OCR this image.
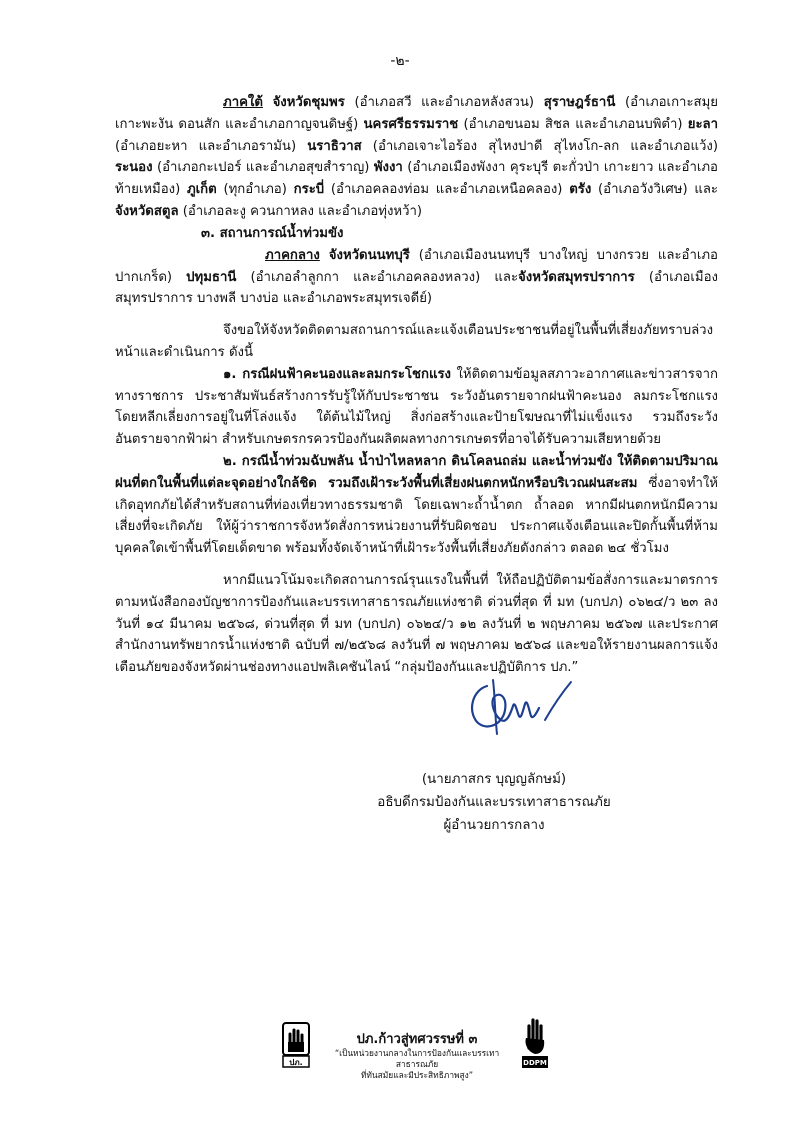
-๒-

ภาคใต้ จังหวัดชุมพร (อำเภอสวี และอำเภอหลังสวน) สุราษฎร์ธานี (อำเภอเกาะสมุย เกาะพะงัน ดอนสัก และอำเภอกาญจนดิษฐ์) นครศรีธรรมราช (อำเภอขนอม สิชล และอำเภอนบพิตำ) ยะลา (อำเภอยะหา และอำเภอรามัน) นราธิวาส (อำเภอเจาะไอร้อง สุไหงปาดี สุไหงโก-ลก และอำเภอแว้ง) ระนอง (อำเภอกะเปอร์ และอำเภอสุขสำราญ) พังงา (อำเภอเมืองพังงา คุระบุรี ตะกั่วป่า เกาะยาว และอำเภอท้ายเหมือง) ภูเก็ต (ทุกอำเภอ) กระบี่ (อำเภอคลองท่อม และอำเภอเหนือคลอง) ตรัง (อำเภอวังวิเศษ) และจังหวัดสตูล (อำเภอละงู ควนกาหลง และอำเภอทุ่งหว้า)

๓. สถานการณ์น้ำท่วมขัง

ภาคกลาง จังหวัดนนทบุรี (อำเภอเมืองนนทบุรี บางใหญ่ บางกรวย และอำเภอปากเกร็ด) ปทุมธานี (อำเภอลำลูกกา และอำเภอคลองหลวง) และจังหวัดสมุทรปราการ (อำเภอเมืองสมุทรปราการ บางพลี บางบ่อ และอำเภอพระสมุทรเจดีย์)

จึงขอให้จังหวัดติดตามสถานการณ์และแจ้งเตือนประชาชนที่อยู่ในพื้นที่เสี่ยงภัยทราบล่วงหน้าและดำเนินการ ดังนี้

๑. กรณีฝนฟ้าคะนองและลมกระโชกแรง ให้ติดตามข้อมูลสภาวะอากาศและข่าวสารจากทางราชการ ประชาสัมพันธ์สร้างการรับรู้ให้กับประชาชน ระวังอันตรายจากฝนฟ้าคะนอง ลมกระโชกแรง โดยหลีกเลี่ยงการอยู่ในที่โล่งแจ้ง ใต้ต้นไม้ใหญ่ สิ่งก่อสร้างและป้ายโฆษณาที่ไม่แข็งแรง รวมถึงระวังอันตรายจากฟ้าผ่า สำหรับเกษตรกรควรป้องกันผลิตผลทางการเกษตรที่อาจได้รับความเสียหายด้วย

๒. กรณีน้ำท่วมฉับพลัน น้ำป่าไหลหลาก ดินโคลนถล่ม และน้ำท่วมขัง ให้ติดตามปริมาณฝนที่ตกในพื้นที่แต่ละจุดอย่างใกล้ชิด รวมถึงเฝ้าระวังพื้นที่เสี่ยงฝนตกหนักหรือบริเวณฝนสะสม ซึ่งอาจทำให้เกิดอุทกภัยได้สำหรับสถานที่ท่องเที่ยวทางธรรมชาติ โดยเฉพาะถ้ำน้ำตก ถ้ำลอด หากมีฝนตกหนักมีความเสี่ยงที่จะเกิดภัย ให้ผู้ว่าราชการจังหวัดสั่งการหน่วยงานที่รับผิดชอบ ประกาศแจ้งเตือนและปิดกั้นพื้นที่ห้ามบุคคลใดเข้าพื้นที่โดยเด็ดขาด พร้อมทั้งจัดเจ้าหน้าที่เฝ้าระวังพื้นที่เสี่ยงภัยดังกล่าว ตลอด ๒๔ ชั่วโมง

หากมีแนวโน้มจะเกิดสถานการณ์รุนแรงในพื้นที่ ให้ถือปฏิบัติตามข้อสั่งการและมาตรการตามหนังสือกองบัญชาการป้องกันและบรรเทาสาธารณภัยแห่งชาติ ด่วนที่สุด ที่ มท (บกปภ) ๐๖๒๔/ว ๒๓ ลงวันที่ ๑๔ มีนาคม ๒๕๖๘, ด่วนที่สุด ที่ มท (บกปภ) ๐๖๒๔/ว ๑๒ ลงวันที่ ๒ พฤษภาคม ๒๕๖๗ และประกาศสำนักงานทรัพยากรน้ำแห่งชาติ ฉบับที่ ๗/๒๕๖๘ ลงวันที่ ๗ พฤษภาคม ๒๕๖๘ และขอให้รายงานผลการแจ้งเตือนภัยของจังหวัดผ่านช่องทางแอปพลิเคชันไลน์ “กลุ่มป้องกันและปฏิบัติการ ปภ.”

(นายภาสกร บุญญลักษม์)
อธิบดีกรมป้องกันและบรรเทาสาธารณภัย
ผู้อำนวยการกลาง
ปภ.
ปภ.ก้าวสู่ทศวรรษที่ ๓
“เป็นหน่วยงานกลางในการป้องกันและบรรเทาสาธารณภัย
ที่ทันสมัยและมีประสิทธิภาพสูง”
DDPM
